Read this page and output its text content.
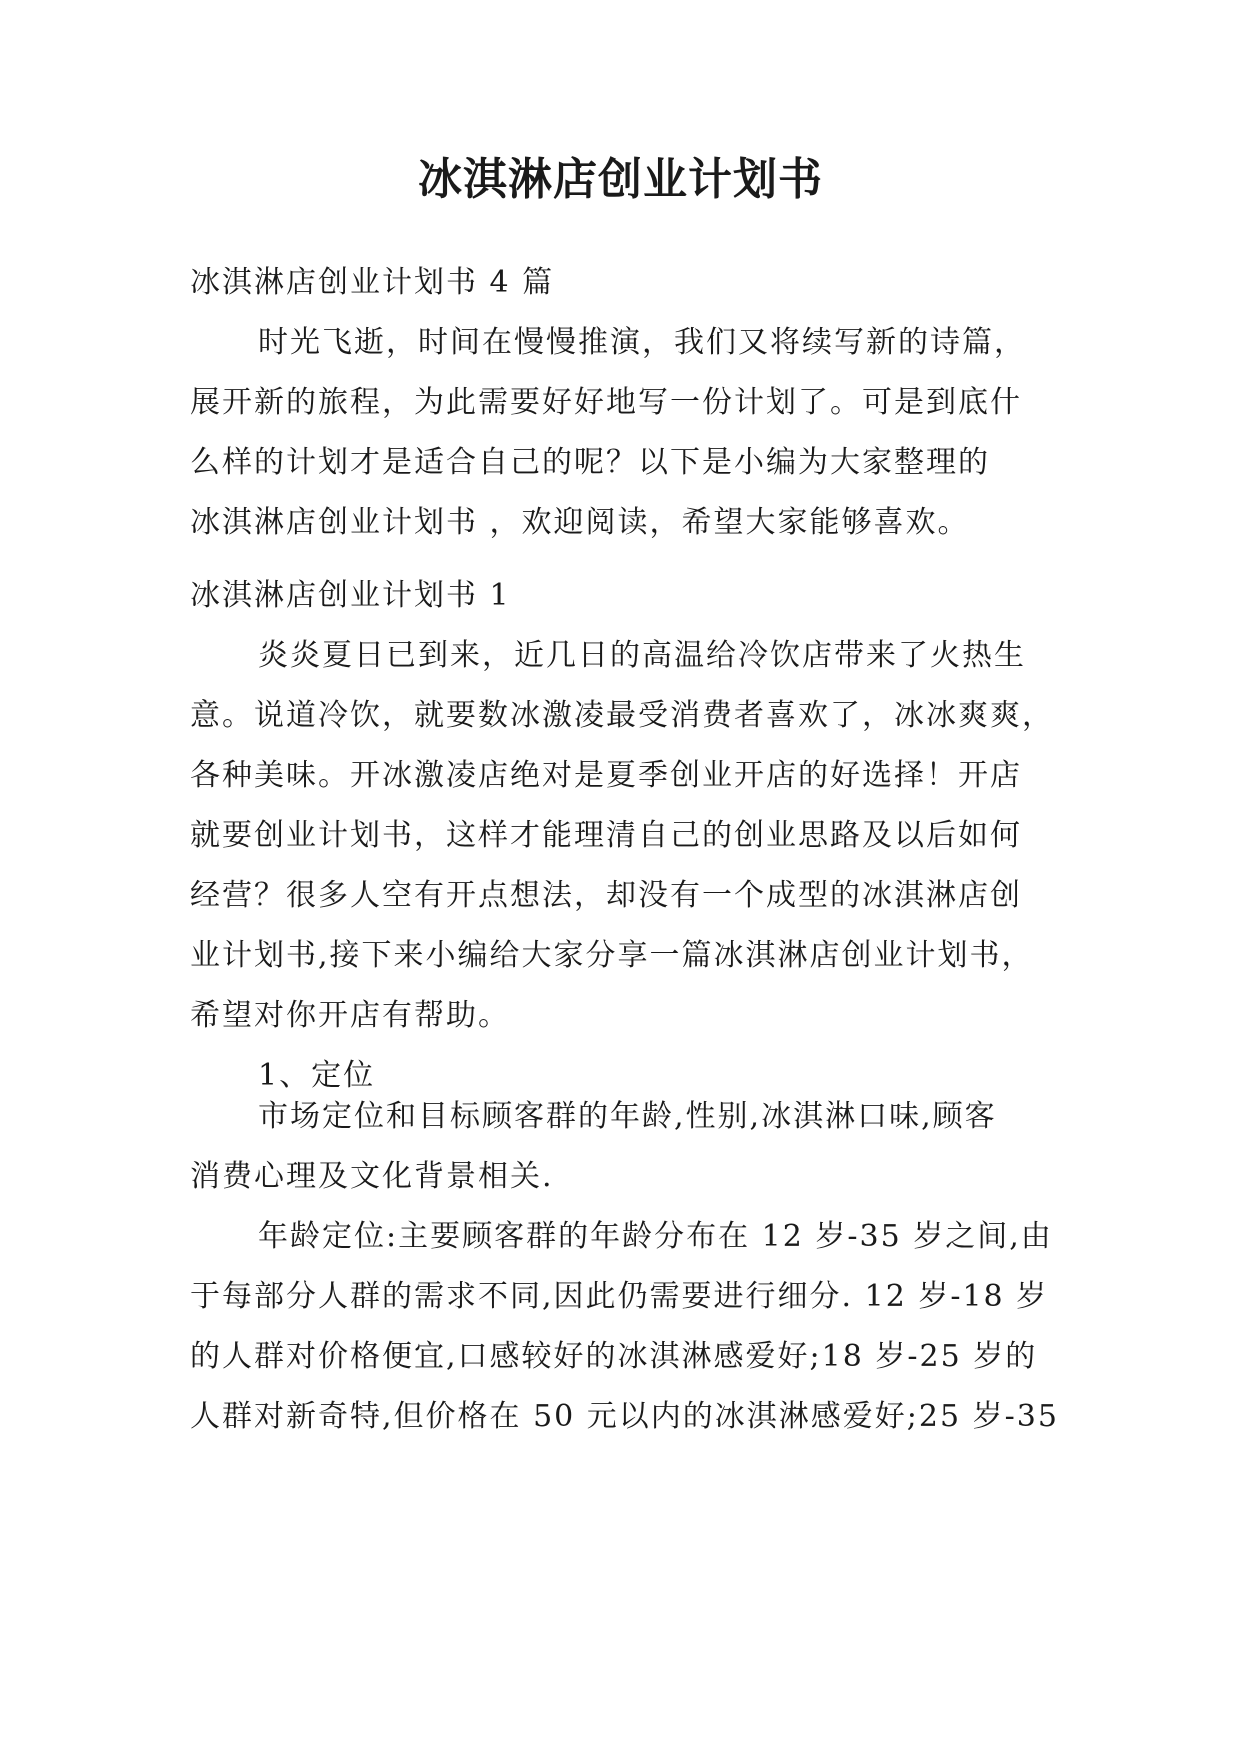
冰淇淋店创业计划书
冰淇淋店创业计划书 4 篇
时光飞逝，时间在慢慢推演，我们又将续写新的诗篇，
展开新的旅程，为此需要好好地写一份计划了。可是到底什
么样的计划才是适合自己的呢？以下是小编为大家整理的
冰淇淋店创业计划书 ，欢迎阅读，希望大家能够喜欢。
冰淇淋店创业计划书 1
炎炎夏日已到来，近几日的高温给冷饮店带来了火热生
意。说道冷饮，就要数冰激凌最受消费者喜欢了，冰冰爽爽，
各种美味。开冰激凌店绝对是夏季创业开店的好选择！开店
就要创业计划书，这样才能理清自己的创业思路及以后如何
经营？很多人空有开点想法，却没有一个成型的冰淇淋店创
业计划书,接下来小编给大家分享一篇冰淇淋店创业计划书，
希望对你开店有帮助。
1、定位
市场定位和目标顾客群的年龄,性别,冰淇淋口味,顾客
消费心理及文化背景相关.
年龄定位:主要顾客群的年龄分布在 12 岁-35 岁之间,由
于每部分人群的需求不同,因此仍需要进行细分. 12 岁-18 岁
的人群对价格便宜,口感较好的冰淇淋感爱好;18 岁-25 岁的
人群对新奇特,但价格在 50 元以内的冰淇淋感爱好;25 岁-35
